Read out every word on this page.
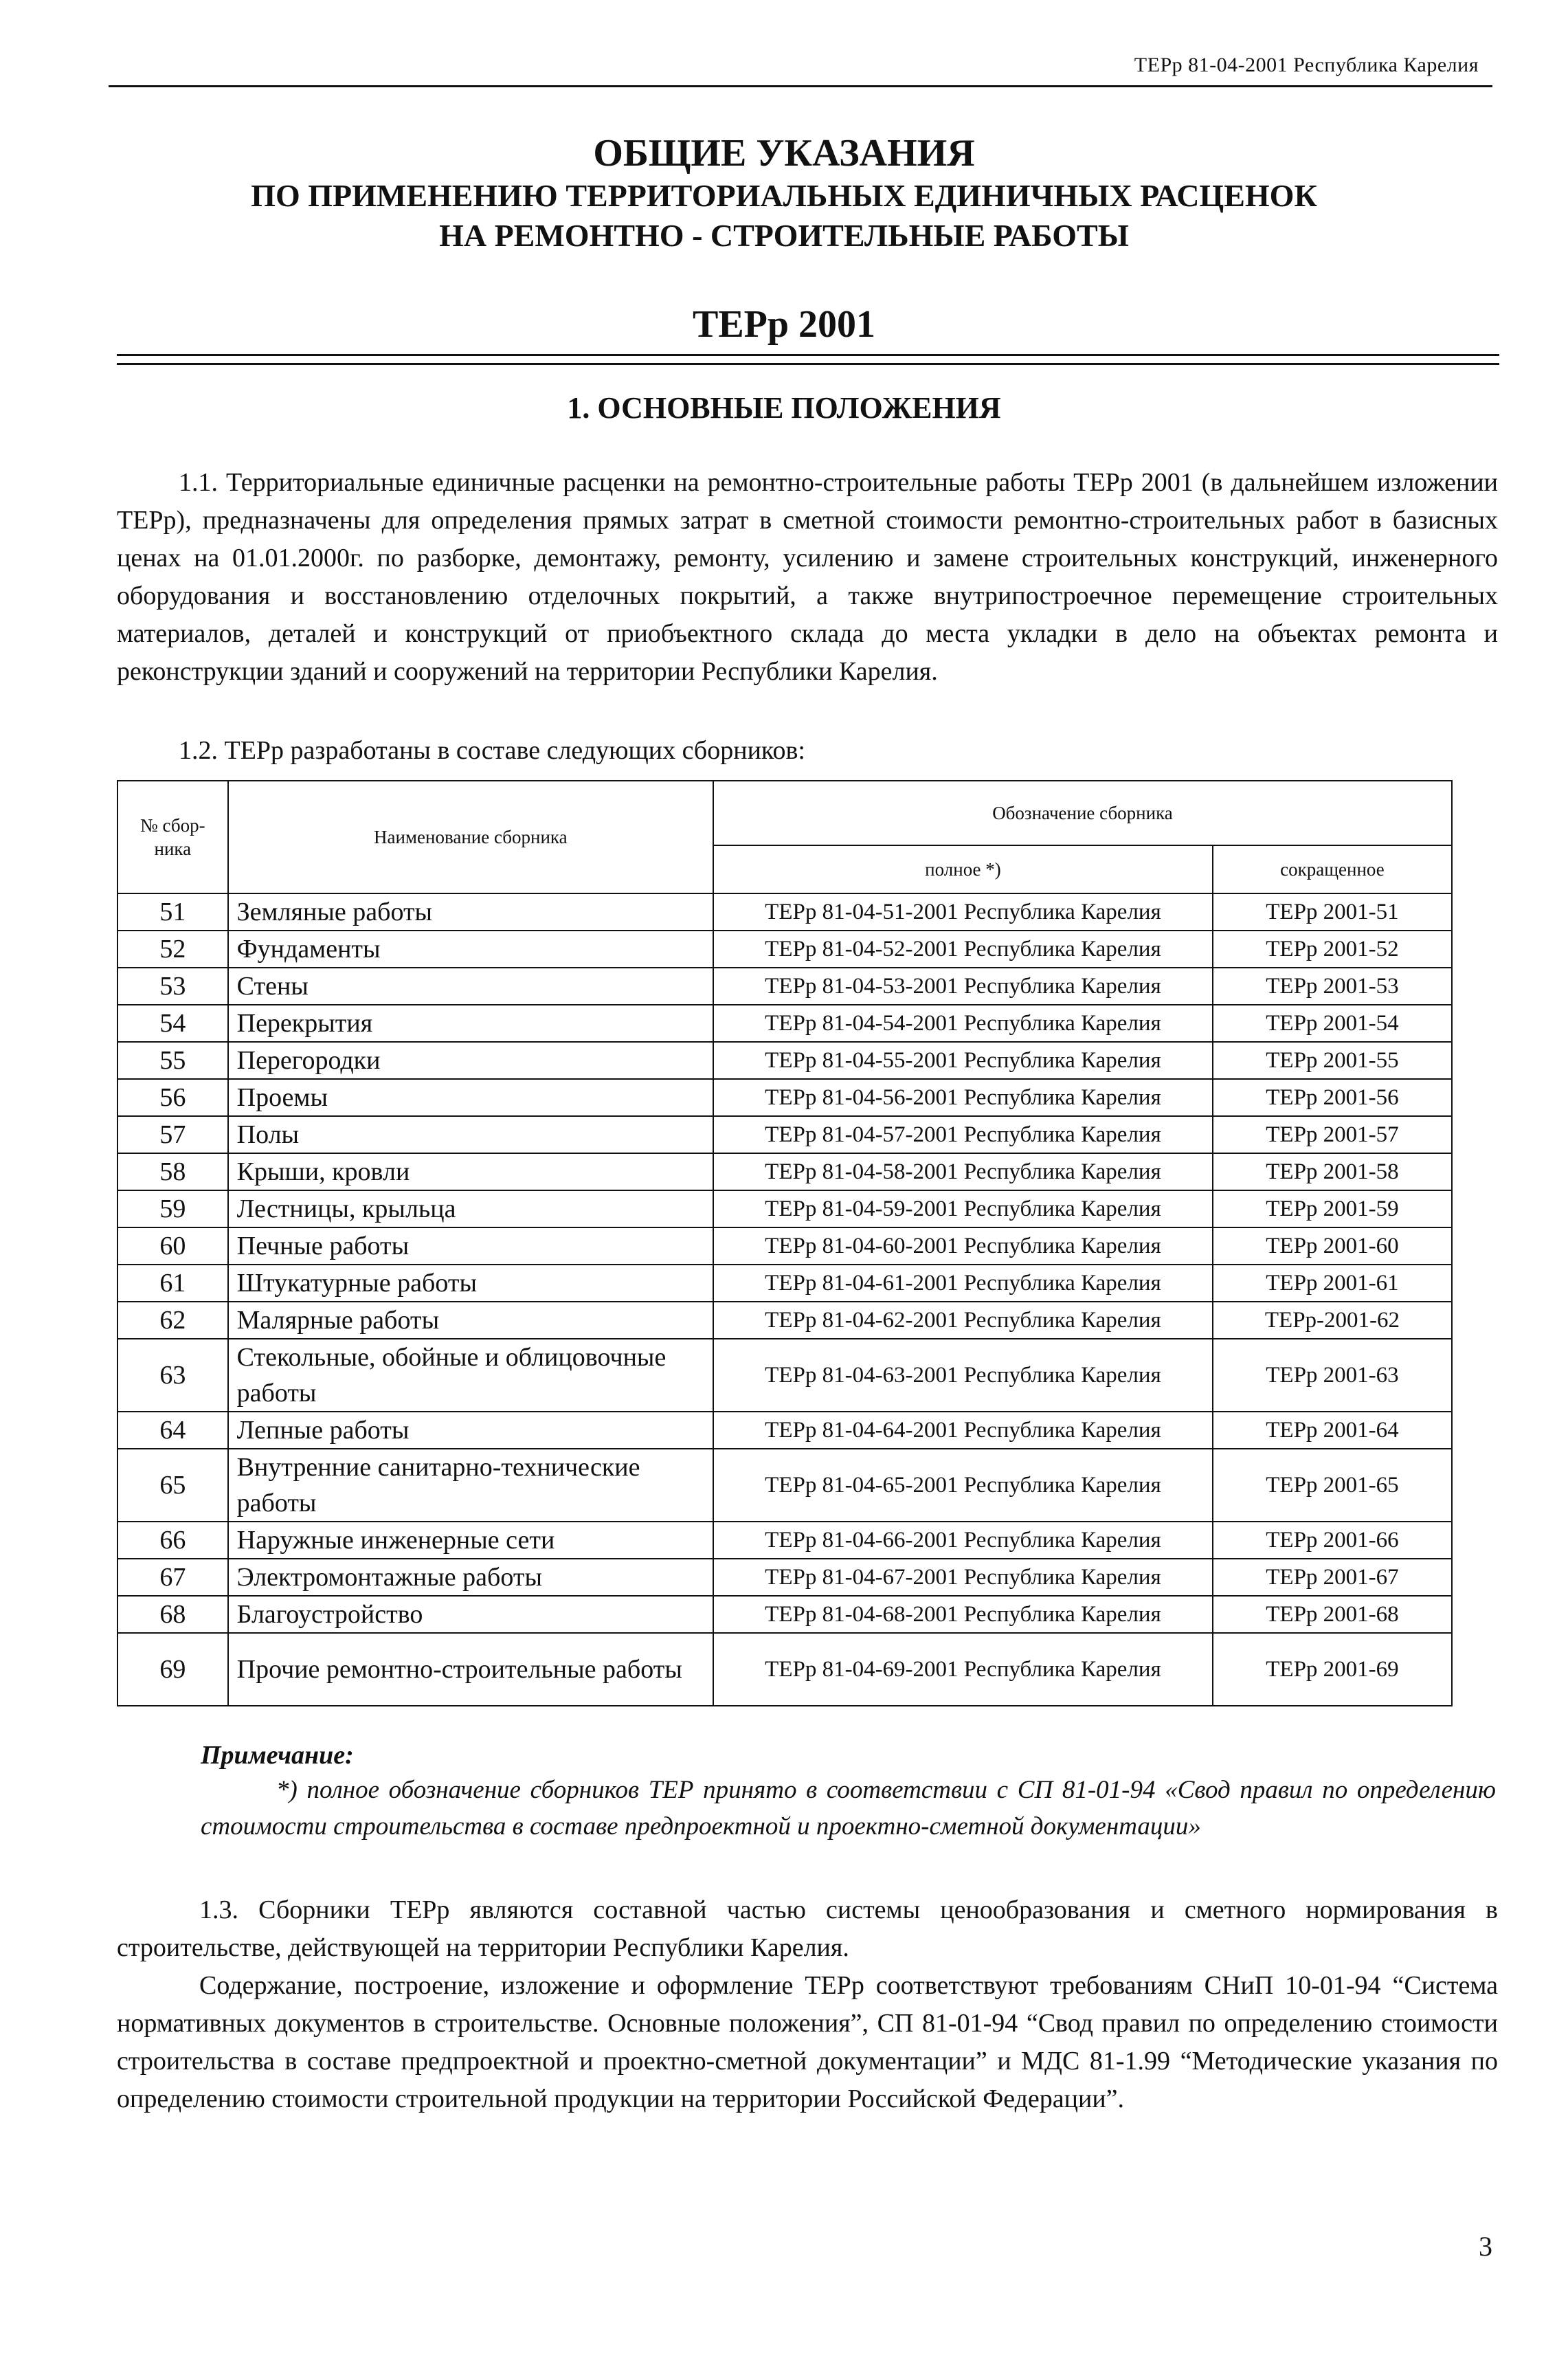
ТЕРр 81-04-2001 Республика Карелия
ОБЩИЕ УКАЗАНИЯ
ПО ПРИМЕНЕНИЮ ТЕРРИТОРИАЛЬНЫХ ЕДИНИЧНЫХ РАСЦЕНОК
НА РЕМОНТНО - СТРОИТЕЛЬНЫЕ РАБОТЫ
ТЕРр 2001
1. ОСНОВНЫЕ ПОЛОЖЕНИЯ
1.1. Территориальные единичные расценки на ремонтно-строительные работы ТЕРр 2001 (в дальнейшем изложении ТЕРр), предназначены для определения прямых затрат в сметной стоимости ремонтно-строительных работ в базисных ценах на 01.01.2000г. по разборке, демонтажу, ремонту, усилению и замене строительных конструкций, инженерного оборудования и восстановлению отделочных покрытий, а также внутрипостроечное перемещение строительных материалов, деталей и конструкций от приобъектного склада до места укладки в дело на объектах ремонта и реконструкции зданий и сооружений на территории Республики Карелия.
1.2. ТЕРр разработаны в составе следующих сборников:
№ сбор-ника	Наименование сборника	Обозначение сборника	
		полное *)	сокращенное
51	Земляные работы	ТЕРр 81-04-51-2001 Республика Карелия	ТЕРр 2001-51
52	Фундаменты	ТЕРр 81-04-52-2001 Республика Карелия	ТЕРр 2001-52
53	Стены	ТЕРр 81-04-53-2001 Республика Карелия	ТЕРр 2001-53
54	Перекрытия	ТЕРр 81-04-54-2001 Республика Карелия	ТЕРр 2001-54
55	Перегородки	ТЕРр 81-04-55-2001 Республика Карелия	ТЕРр 2001-55
56	Проемы	ТЕРр 81-04-56-2001 Республика Карелия	ТЕРр 2001-56
57	Полы	ТЕРр 81-04-57-2001 Республика Карелия	ТЕРр 2001-57
58	Крыши, кровли	ТЕРр 81-04-58-2001 Республика Карелия	ТЕРр 2001-58
59	Лестницы, крыльца	ТЕРр 81-04-59-2001 Республика Карелия	ТЕРр 2001-59
60	Печные работы	ТЕРр 81-04-60-2001 Республика Карелия	ТЕРр 2001-60
61	Штукатурные работы	ТЕРр 81-04-61-2001 Республика Карелия	ТЕРр 2001-61
62	Малярные работы	ТЕРр 81-04-62-2001 Республика Карелия	ТЕРр-2001-62
63	Стекольные, обойные и облицовочные работы	ТЕРр 81-04-63-2001 Республика Карелия	ТЕРр 2001-63
64	Лепные работы	ТЕРр 81-04-64-2001 Республика Карелия	ТЕРр 2001-64
65	Внутренние санитарно-технические работы	ТЕРр 81-04-65-2001 Республика Карелия	ТЕРр 2001-65
66	Наружные инженерные сети	ТЕРр 81-04-66-2001 Республика Карелия	ТЕРр 2001-66
67	Электромонтажные работы	ТЕРр 81-04-67-2001 Республика Карелия	ТЕРр 2001-67
68	Благоустройство	ТЕРр 81-04-68-2001 Республика Карелия	ТЕРр 2001-68
69	Прочие ремонтно-строительные работы	ТЕРр 81-04-69-2001 Республика Карелия	ТЕРр 2001-69
Примечание:
*) полное обозначение сборников ТЕР принято в соответствии с СП 81-01-94 «Свод правил по определению стоимости строительства в составе предпроектной и проектно-сметной документации»
1.3. Сборники ТЕРр являются составной частью системы ценообразования и сметного нормирования в строительстве, действующей на территории Республики Карелия.
Содержание, построение, изложение и оформление ТЕРр соответствуют требованиям СНиП 10-01-94 “Система нормативных документов в строительстве. Основные положения”, СП 81-01-94 “Свод правил по определению стоимости строительства в составе предпроектной и проектно-сметной документации” и МДС 81-1.99 “Методические указания по определению стоимости строительной продукции на территории Российской Федерации”.
3
